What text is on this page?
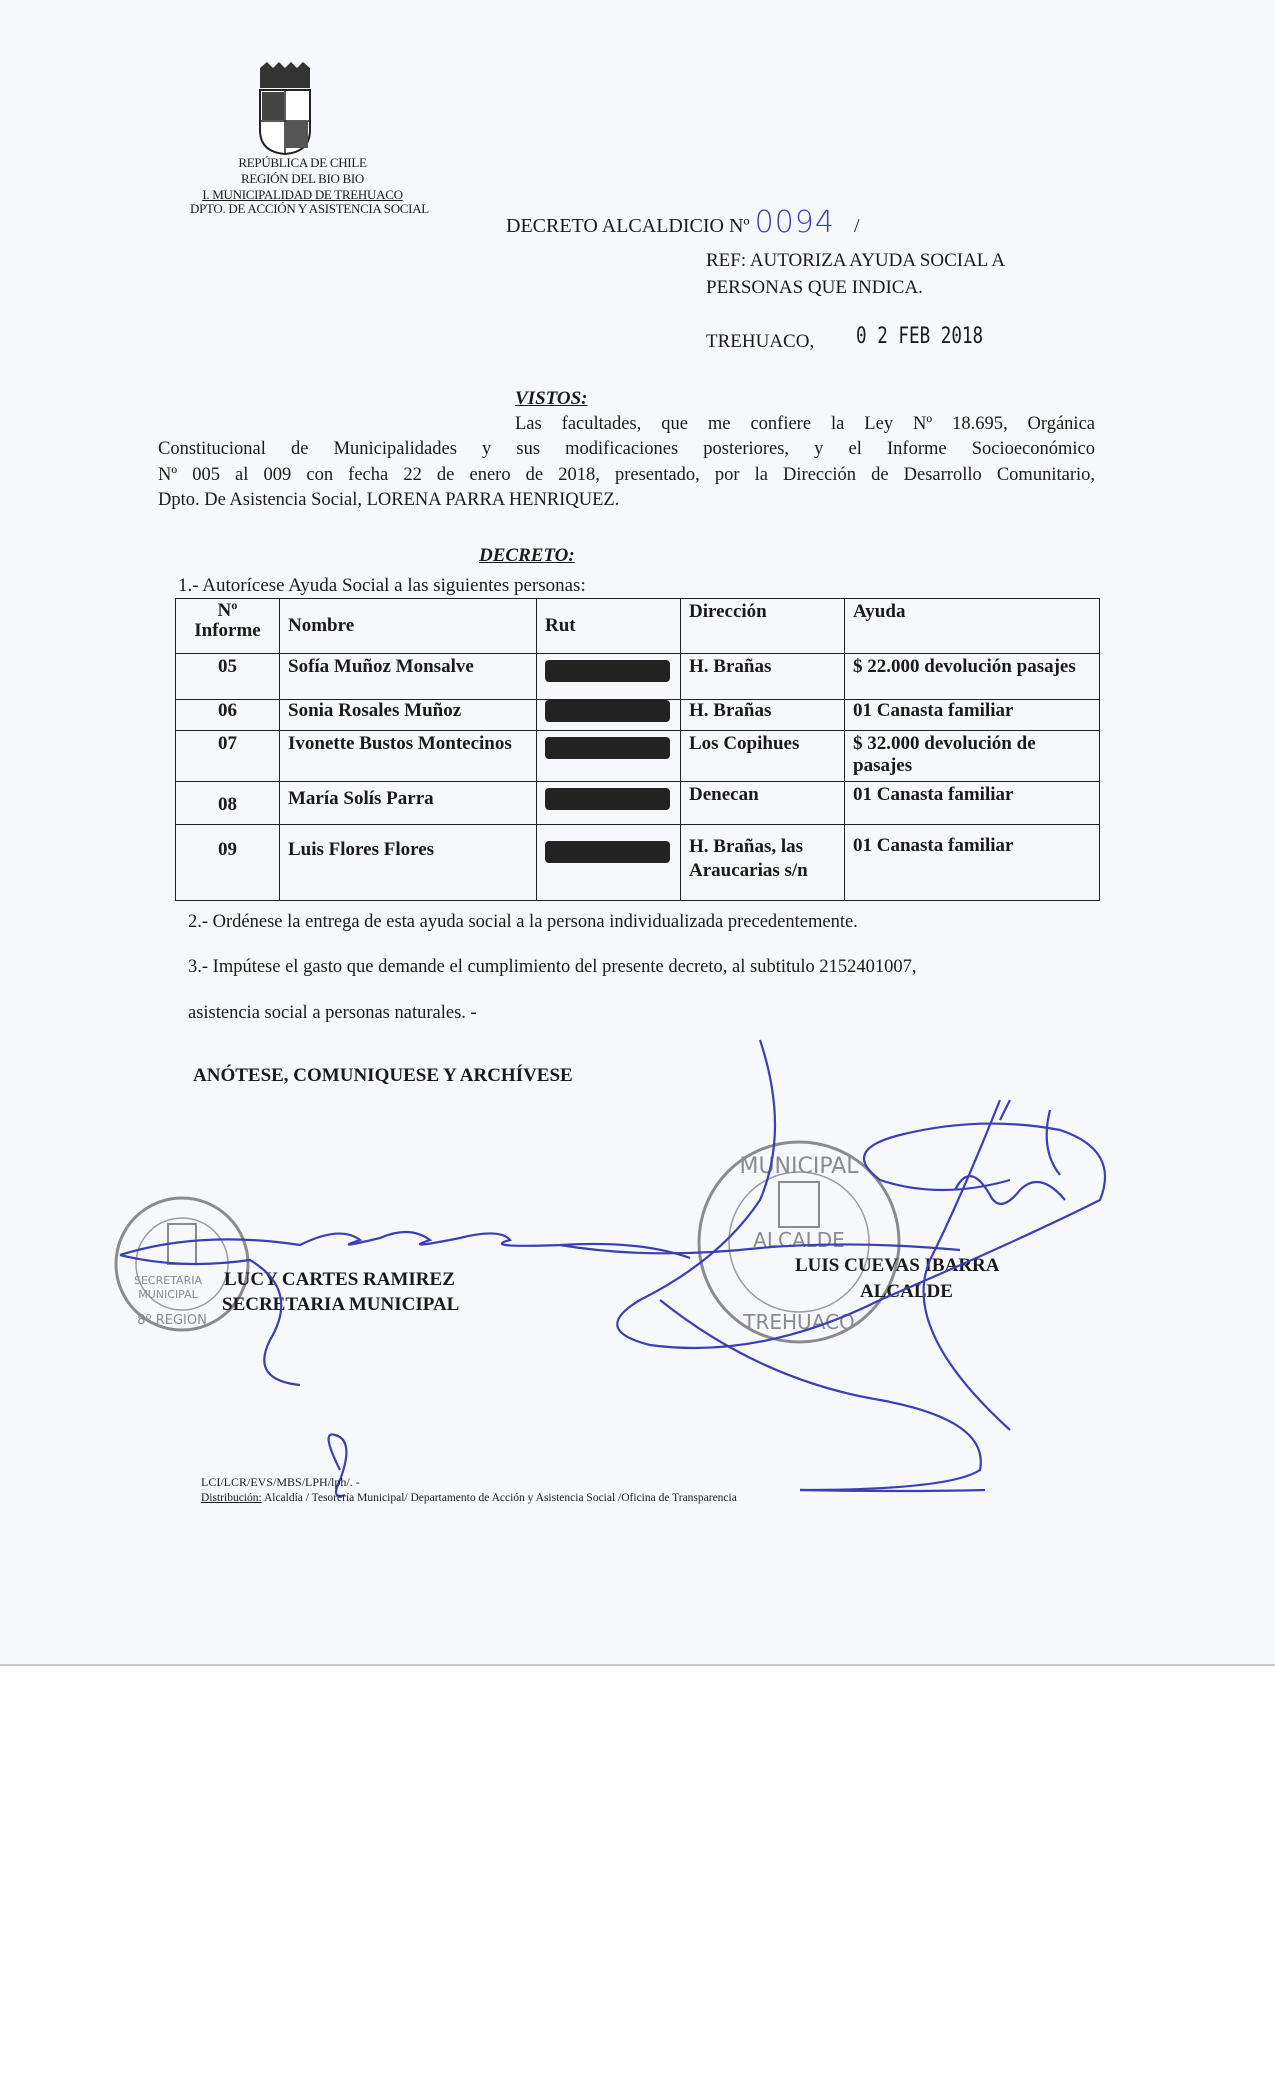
REPÚBLICA DE CHILE
REGIÓN DEL BIO BIO
I. MUNICIPALIDAD DE TREHUACO
DPTO. DE ACCIÓN Y ASISTENCIA SOCIAL
DECRETO ALCALDICIO Nº 0094 /
REF: AUTORIZA AYUDA SOCIAL A
PERSONAS QUE INDICA.
TREHUACO, 0 2 FEB 2018
VISTOS:
Las facultades, que me confiere la Ley Nº 18.695, Orgánica
Constitucional de Municipalidades y sus modificaciones posteriores, y el Informe Socioeconómico
Nº 005 al 009 con fecha 22 de enero de 2018, presentado, por la Dirección de Desarrollo Comunitario,
Dpto. De Asistencia Social, LORENA PARRA HENRIQUEZ.
DECRETO:
1.- Autorícese Ayuda Social a las siguientes personas:
Nº Informe	Nombre	Rut	Dirección	Ayuda
05	Sofía Muñoz Monsalve		H. Brañas	$ 22.000 devolución pasajes
06	Sonia Rosales Muñoz		H. Brañas	01 Canasta familiar
07	Ivonette Bustos Montecinos		Los Copihues	$ 32.000 devolución de pasajes
08	María Solís Parra		Denecan	01 Canasta familiar
09	Luis Flores Flores		H. Brañas, las Araucarias s/n	01 Canasta familiar
2.- Ordénese la entrega de esta ayuda social a la persona individualizada precedentemente.
3.- Impútese el gasto que demande el cumplimiento del presente decreto, al subtitulo 2152401007,
asistencia social a personas naturales. -
ANÓTESE, COMUNIQUESE Y ARCHÍVESE
SECRETARIA
MUNICIPAL
8º REGION
MUNICIPAL
ALCALDE
TREHUACO
LUCY CARTES RAMIREZ
SECRETARIA MUNICIPAL
LUIS CUEVAS IBARRA
ALCALDE
LCI/LCR/EVS/MBS/LPH/lph/. -
Distribución: Alcaldía / Tesorería Municipal/ Departamento de Acción y Asistencia Social /Oficina de Transparencia
